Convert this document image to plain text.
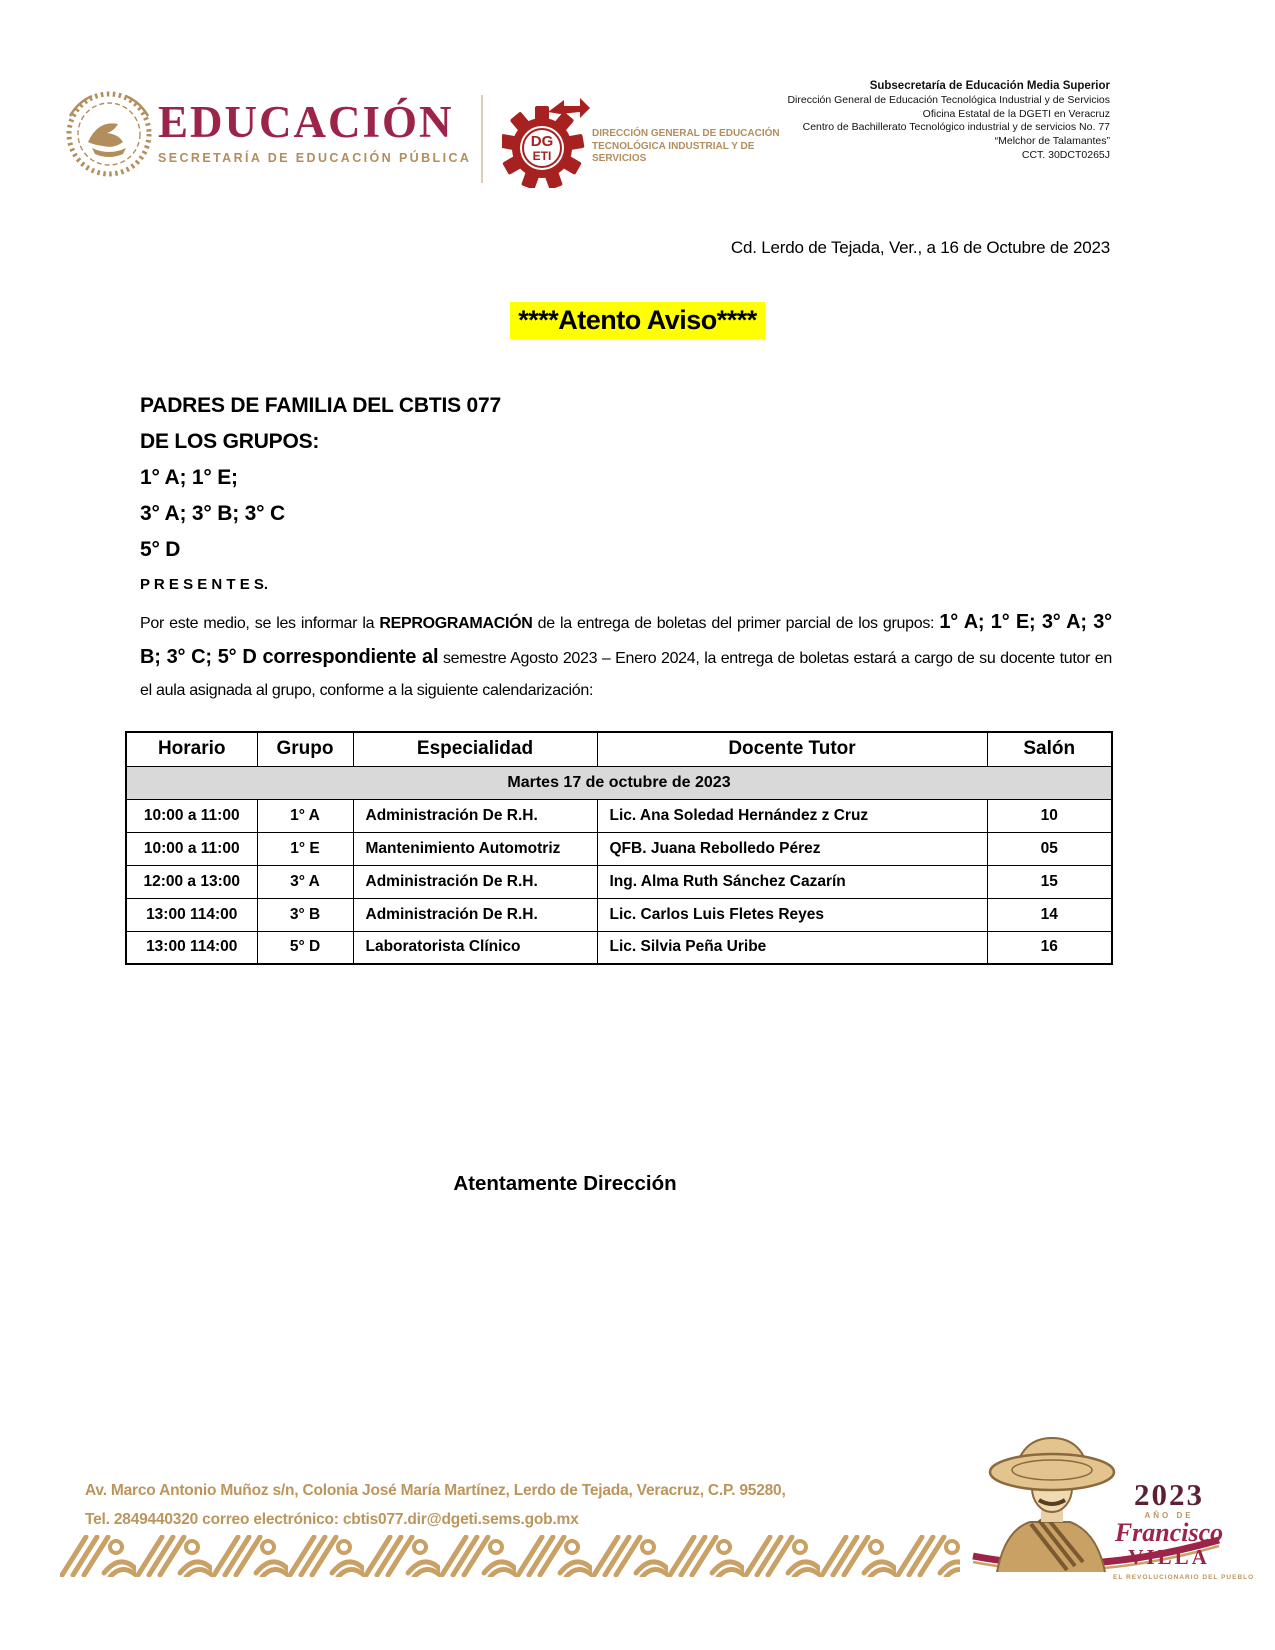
EDUCACIÓN
SECRETARÍA DE EDUCACIÓN PÚBLICA
DG
ETI
DIRECCIÓN GENERAL DE EDUCACIÓN
TECNOLÓGICA INDUSTRIAL Y DE SERVICIOS
Subsecretaría de Educación Media Superior
Dirección General de Educación Tecnológica Industrial y de Servicios
Oficina Estatal de la DGETI en Veracruz
Centro de Bachillerato Tecnológico industrial y de servicios No. 77
“Melchor de Talamantes”
CCT. 30DCT0265J
Cd. Lerdo de Tejada, Ver., a 16 de Octubre de 2023
****Atento Aviso****
PADRES DE FAMILIA DEL CBTIS 077
DE LOS GRUPOS:
1° A; 1° E;
3° A; 3° B; 3° C
5° D
P R E S E N T E S.
Por este medio, se les informar la REPROGRAMACIÓN de la entrega de boletas del primer parcial de los grupos: 1° A; 1° E; 3° A; 3° B; 3° C; 5° D correspondiente al semestre Agosto 2023 – Enero 2024, la entrega de boletas estará a cargo de su docente tutor en el aula asignada al grupo, conforme a la siguiente calendarización:
Martes 17 de octubre de 2023				
Horario	Grupo	Especialidad	Docente Tutor	Salón
10:00 a 11:00	1° A	Administración De R.H.	Lic. Ana Soledad Hernández z Cruz	10
10:00 a 11:00	1° E	Mantenimiento Automotriz	QFB. Juana Rebolledo Pérez	05
12:00 a 13:00	3° A	Administración De R.H.	Ing. Alma Ruth Sánchez Cazarín	15
13:00 114:00	3° B	Administración De R.H.	Lic. Carlos Luis Fletes Reyes	14
13:00 114:00	5° D	Laboratorista Clínico	Lic. Silvia Peña Uribe	16
Atentamente Dirección
Av. Marco Antonio Muñoz s/n, Colonia José María Martínez, Lerdo de Tejada, Veracruz, C.P. 95280,
Tel. 2849440320 correo electrónico: cbtis077.dir@dgeti.sems.gob.mx
2023
AÑO DE
Francisco
VILLA
EL REVOLUCIONARIO DEL PUEBLO
